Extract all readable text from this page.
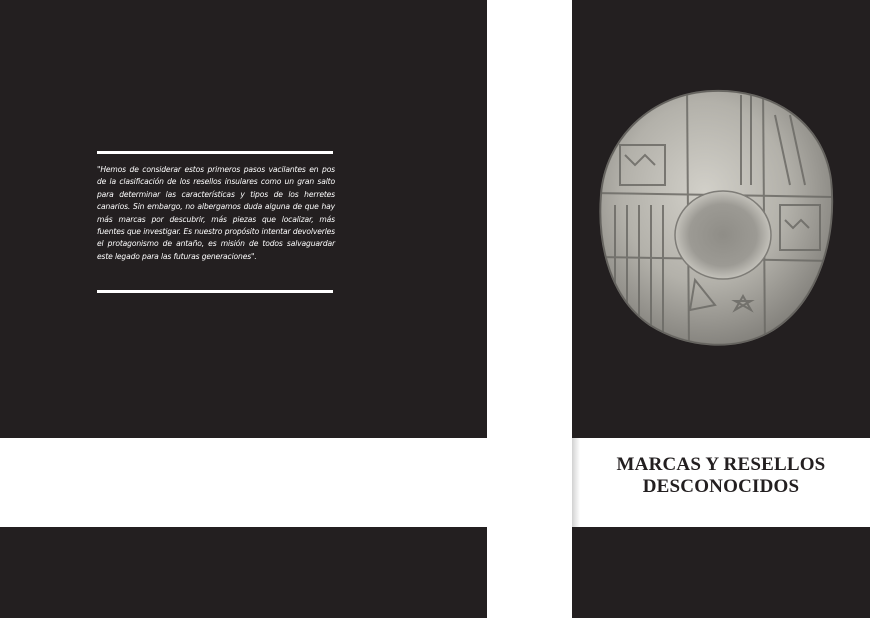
"Hemos de considerar estos primeros pasos vacilantes en pos de la clasificación de los resellos insulares como un gran salto para determinar las características y tipos de los herretes canarios. Sin embargo, no albergamos duda alguna de que hay más marcas por descubrir, más piezas que localizar, más fuentes que investigar. Es nuestro propósito intentar devolverles el protagonismo de antaño, es misión de todos salvaguardar este legado para las futuras generaciones".

MARCAS Y RESELLOS
DESCONOCIDOS
